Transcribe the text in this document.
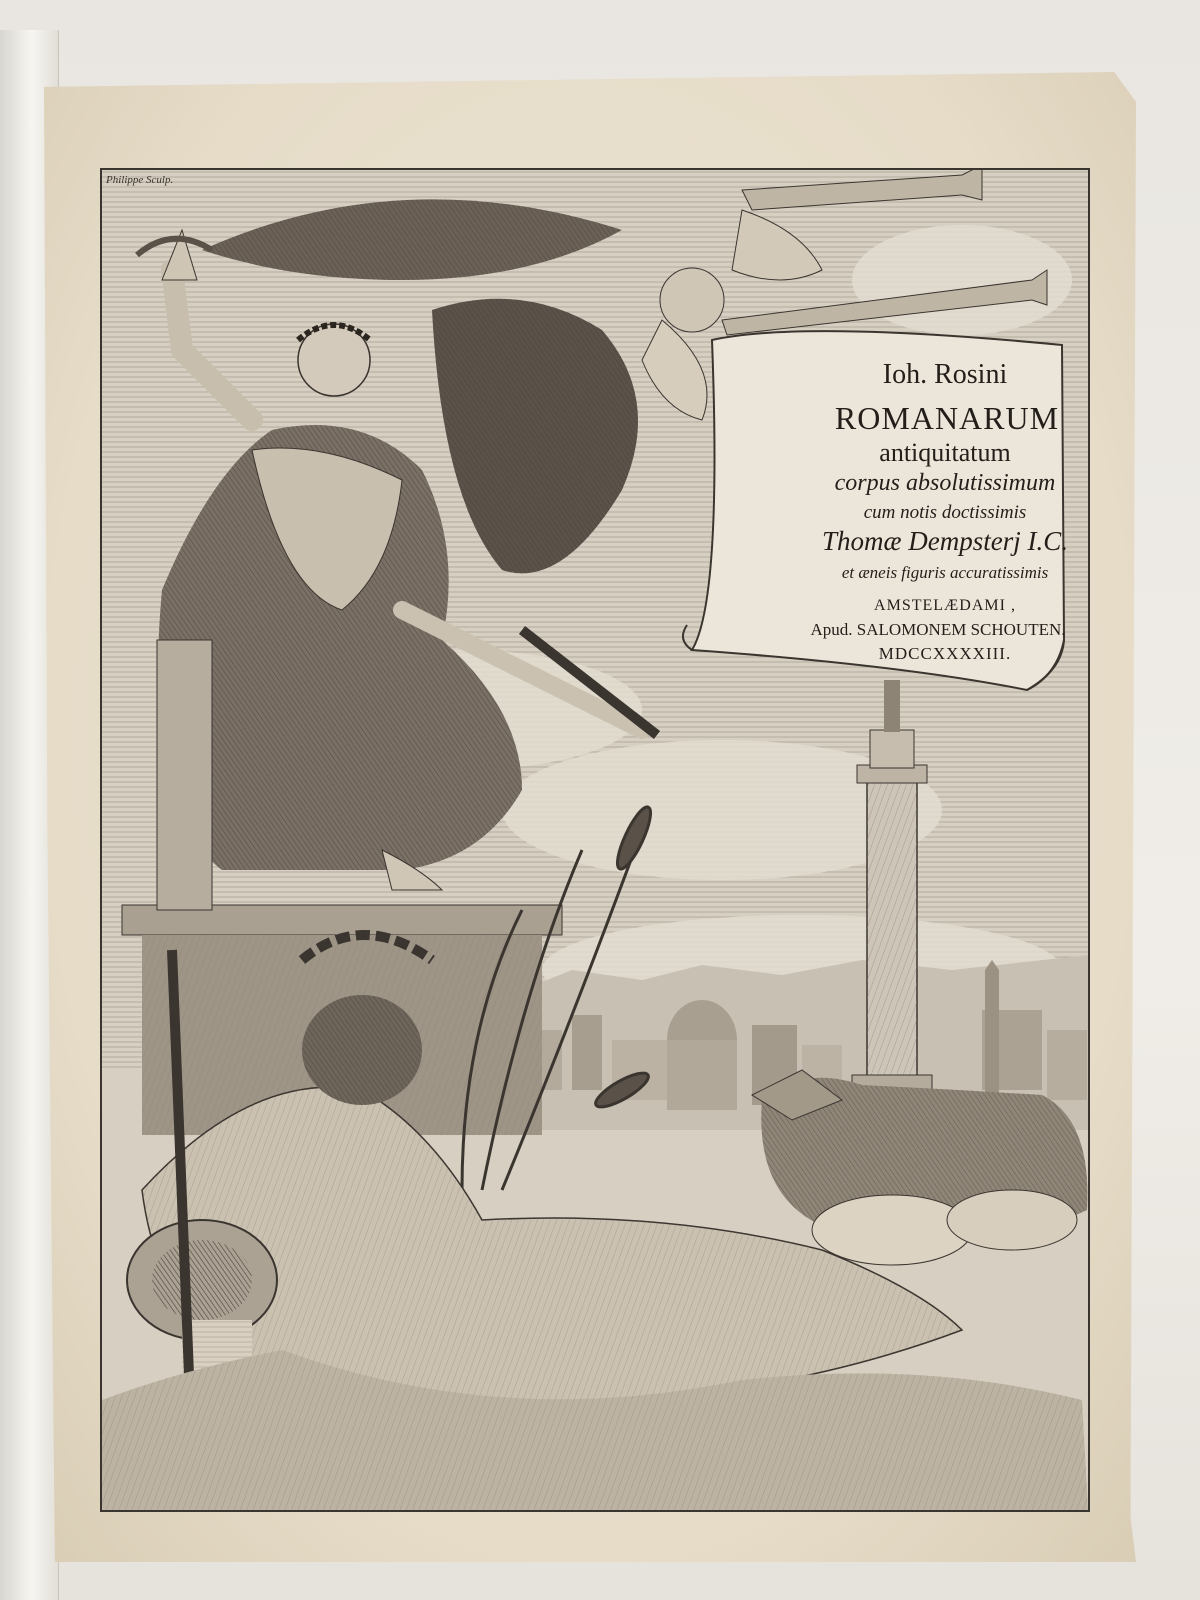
Philippe Sculp.
Ioh. Rosini
ROMANARUM
antiquitatum
corpus absolutissimum
cum notis doctissimis
Thomæ Dempsterj I.C.
et æneis figuris accuratissimis
AMSTELÆDAMI ,
Apud. SALOMONEM SCHOUTEN.
MDCCXXXXIII.
